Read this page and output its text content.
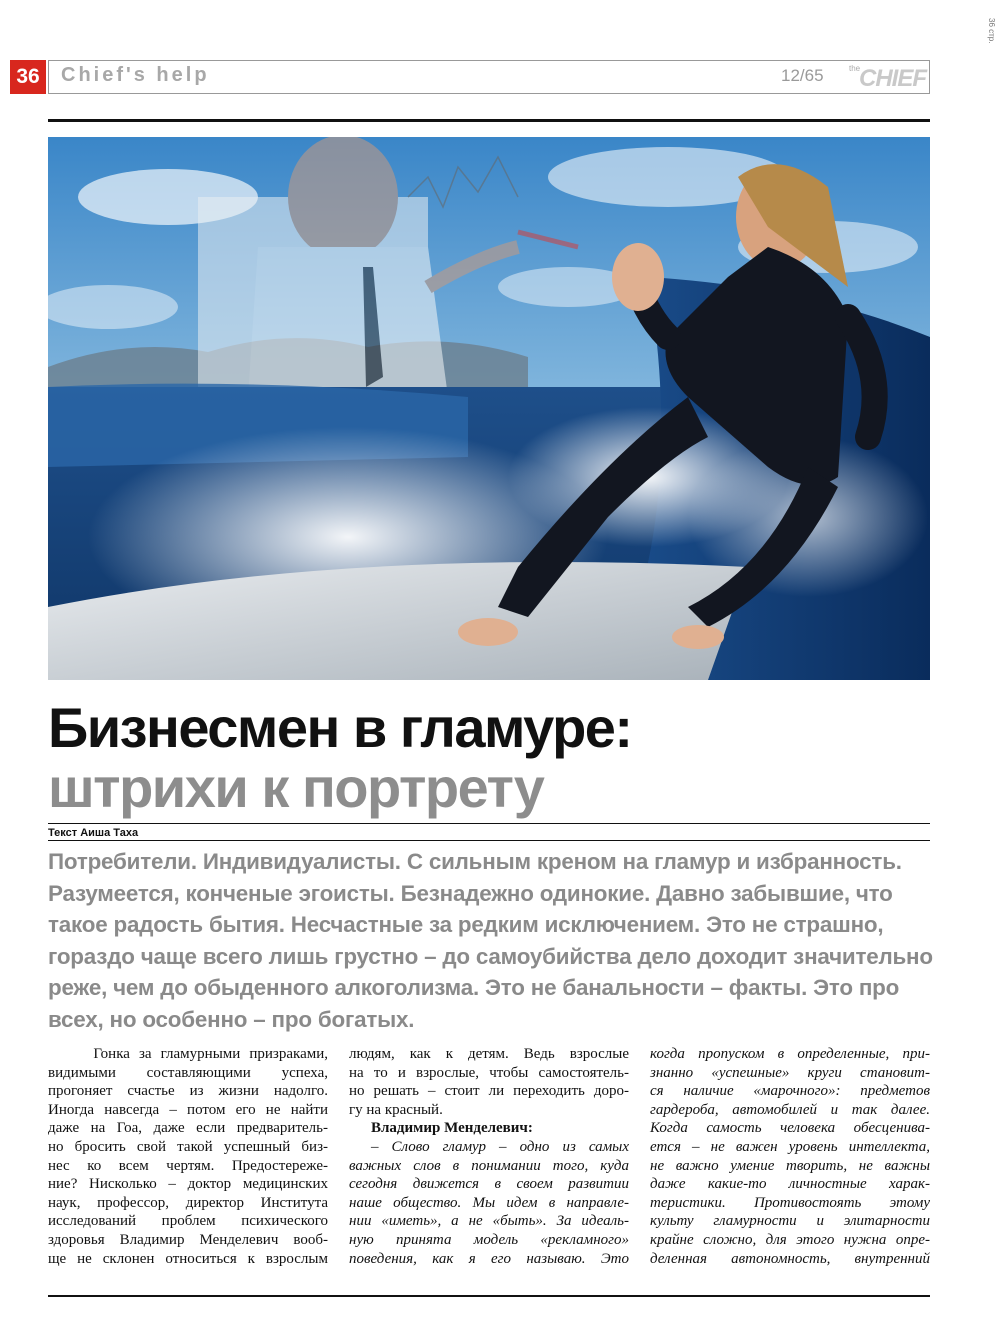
36 стр.
36	Chief's help	12/65	the
CHIEF
Бизнесмен в гламуре:
штрихи к портрету
Текст Аиша Таха
Потребители. Индивидуалисты. С сильным креном на гламур и избранность.
Разумеется, конченые эгоисты. Безнадежно одинокие. Давно забывшие, что
такое радость бытия. Несчастные за редким исключением. Это не страшно,
гораздо чаще всего лишь грустно – до самоубийства дело доходит значительно
реже, чем до обыденного алкоголизма. Это не банальности – факты. Это про
всех, но особенно – про богатых.
Гонка за гламурными призраками,
видимыми составляющими успеха,
прогоняет счастье из жизни надолго.
Иногда навсегда – потом его не найти
даже на Гоа, даже если предваритель-
но бросить свой такой успешный биз-
нес ко всем чертям. Предостереже-
ние? Нисколько – доктор медицинских
наук, профессор, директор Института
исследований проблем психического
здоровья Владимир Менделевич вооб-
ще не склонен относиться к взрослым
людям, как к детям. Ведь взрослые
на то и взрослые, чтобы самостоятель-
но решать – стоит ли переходить доро-
гу на красный.
Владимир Менделевич:
– Слово гламур – одно из самых
важных слов в понимании того, куда
сегодня движется в своем развитии
наше общество. Мы идем в направле-
нии «иметь», а не «быть». За идеаль-
ную принята модель «рекламного»
поведения, как я его называю. Это
когда пропуском в определенные, при-
знанно «успешные» круги становит-
ся наличие «марочного»: предметов
гардероба, автомобилей и так далее.
Когда самость человека обесценива-
ется – не важен уровень интеллекта,
не важно умение творить, не важны
даже какие-то личностные харак-
теристики. Противостоять этому
культу гламурности и элитарности
крайне сложно, для этого нужна опре-
деленная автономность, внутренний
